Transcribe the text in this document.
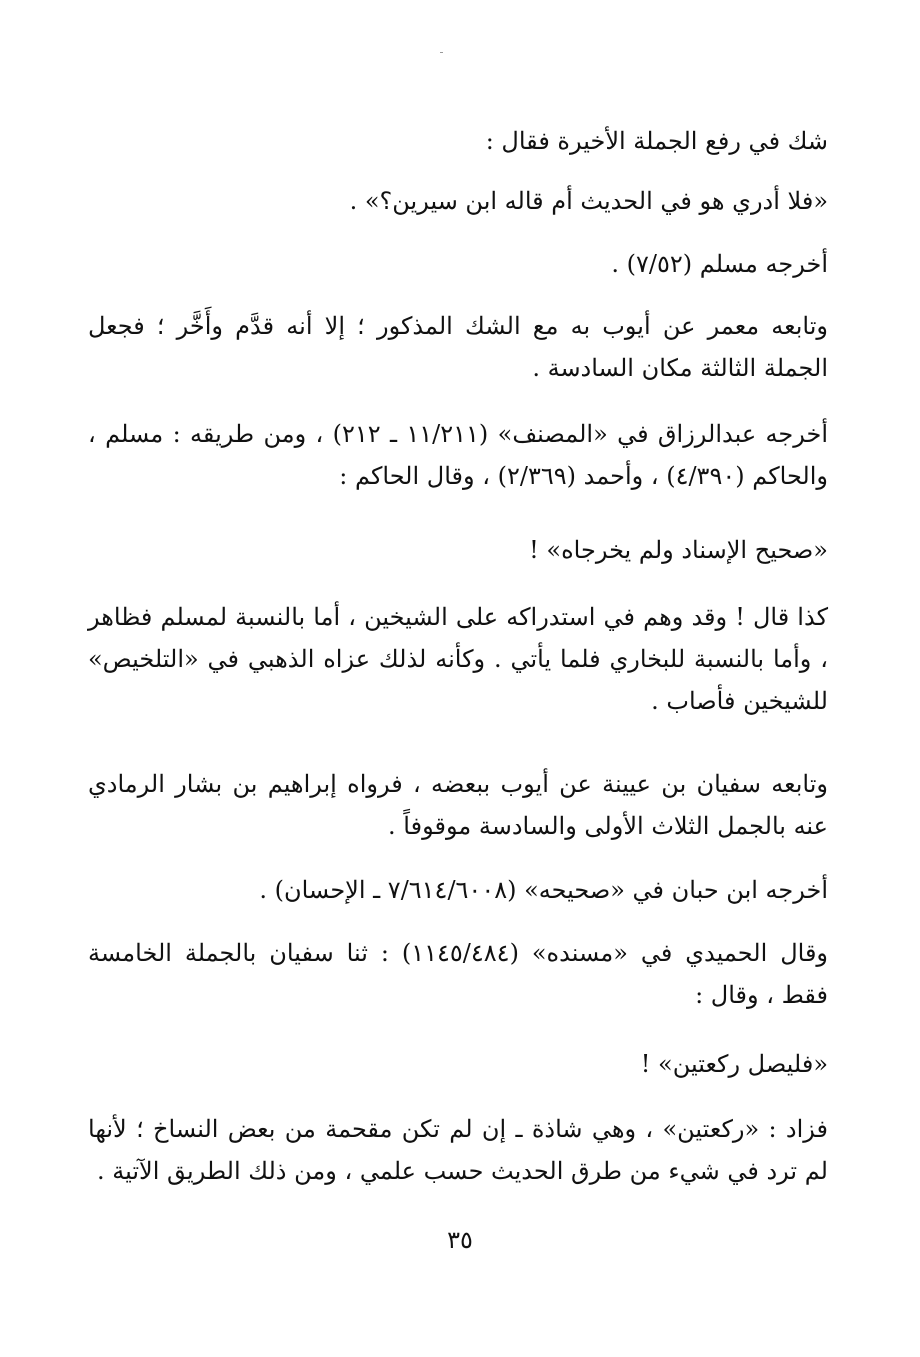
شك في رفع الجملة الأخيرة فقال :
«فلا أدري هو في الحديث أم قاله ابن سيرين؟» .
أخرجه مسلم (٧/٥٢) .
وتابعه معمر عن أيوب به مع الشك المذكور ؛ إلا أنه قدَّم وأَخَّر ؛ فجعل الجملة الثالثة مكان السادسة .
أخرجه عبدالرزاق في «المصنف» (١١/٢١١ ـ ٢١٢) ، ومن طريقه : مسلم ، والحاكم (٤/٣٩٠) ، وأحمد (٢/٣٦٩) ، وقال الحاكم :
«صحيح الإسناد ولم يخرجاه» !
كذا قال ! وقد وهم في استدراكه على الشيخين ، أما بالنسبة لمسلم فظاهر ، وأما بالنسبة للبخاري فلما يأتي . وكأنه لذلك عزاه الذهبي في «التلخيص» للشيخين فأصاب .
وتابعه سفيان بن عيينة عن أيوب ببعضه ، فرواه إبراهيم بن بشار الرمادي عنه بالجمل الثلاث الأولى والسادسة موقوفاً .
أخرجه ابن حبان في «صحيحه» (٧/٦١٤/٦٠٠٨ ـ الإحسان) .
وقال الحميدي في «مسنده» (١١٤٥/٤٨٤) : ثنا سفيان بالجملة الخامسة فقط ، وقال :
«فليصل ركعتين» !
فزاد : «ركعتين» ، وهي شاذة ـ إن لم تكن مقحمة من بعض النساخ ؛ لأنها لم ترد في شيء من طرق الحديث حسب علمي ، ومن ذلك الطريق الآتية .
٣٥
